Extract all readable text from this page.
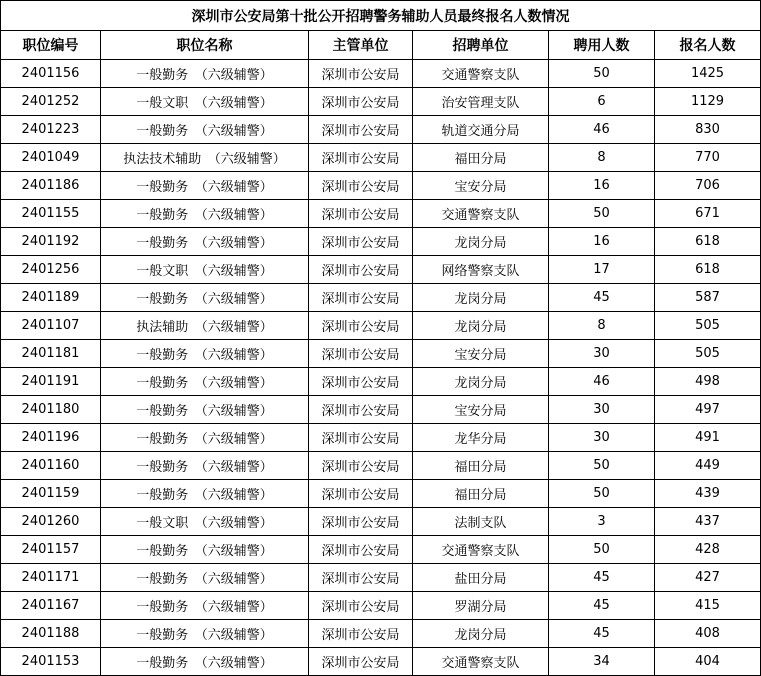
深圳市公安局第十批公开招聘警务辅助人员最终报名人数情况					
职位编号	职位名称	主管单位	招聘单位	聘用人数	报名人数
2401156	一般勤务　（六级辅警）	深圳市公安局	交通警察支队	50	1425
2401252	一般文职　（六级辅警）	深圳市公安局	治安管理支队	6	1129
2401223	一般勤务　（六级辅警）	深圳市公安局	轨道交通分局	46	830
2401049	执法技术辅助　（六级辅警）	深圳市公安局	福田分局	8	770
2401186	一般勤务　（六级辅警）	深圳市公安局	宝安分局	16	706
2401155	一般勤务　（六级辅警）	深圳市公安局	交通警察支队	50	671
2401192	一般勤务　（六级辅警）	深圳市公安局	龙岗分局	16	618
2401256	一般文职　（六级辅警）	深圳市公安局	网络警察支队	17	618
2401189	一般勤务　（六级辅警）	深圳市公安局	龙岗分局	45	587
2401107	执法辅助　（六级辅警）	深圳市公安局	龙岗分局	8	505
2401181	一般勤务　（六级辅警）	深圳市公安局	宝安分局	30	505
2401191	一般勤务　（六级辅警）	深圳市公安局	龙岗分局	46	498
2401180	一般勤务　（六级辅警）	深圳市公安局	宝安分局	30	497
2401196	一般勤务　（六级辅警）	深圳市公安局	龙华分局	30	491
2401160	一般勤务　（六级辅警）	深圳市公安局	福田分局	50	449
2401159	一般勤务　（六级辅警）	深圳市公安局	福田分局	50	439
2401260	一般文职　（六级辅警）	深圳市公安局	法制支队	3	437
2401157	一般勤务　（六级辅警）	深圳市公安局	交通警察支队	50	428
2401171	一般勤务　（六级辅警）	深圳市公安局	盐田分局	45	427
2401167	一般勤务　（六级辅警）	深圳市公安局	罗湖分局	45	415
2401188	一般勤务　（六级辅警）	深圳市公安局	龙岗分局	45	408
2401153	一般勤务　（六级辅警）	深圳市公安局	交通警察支队	34	404
